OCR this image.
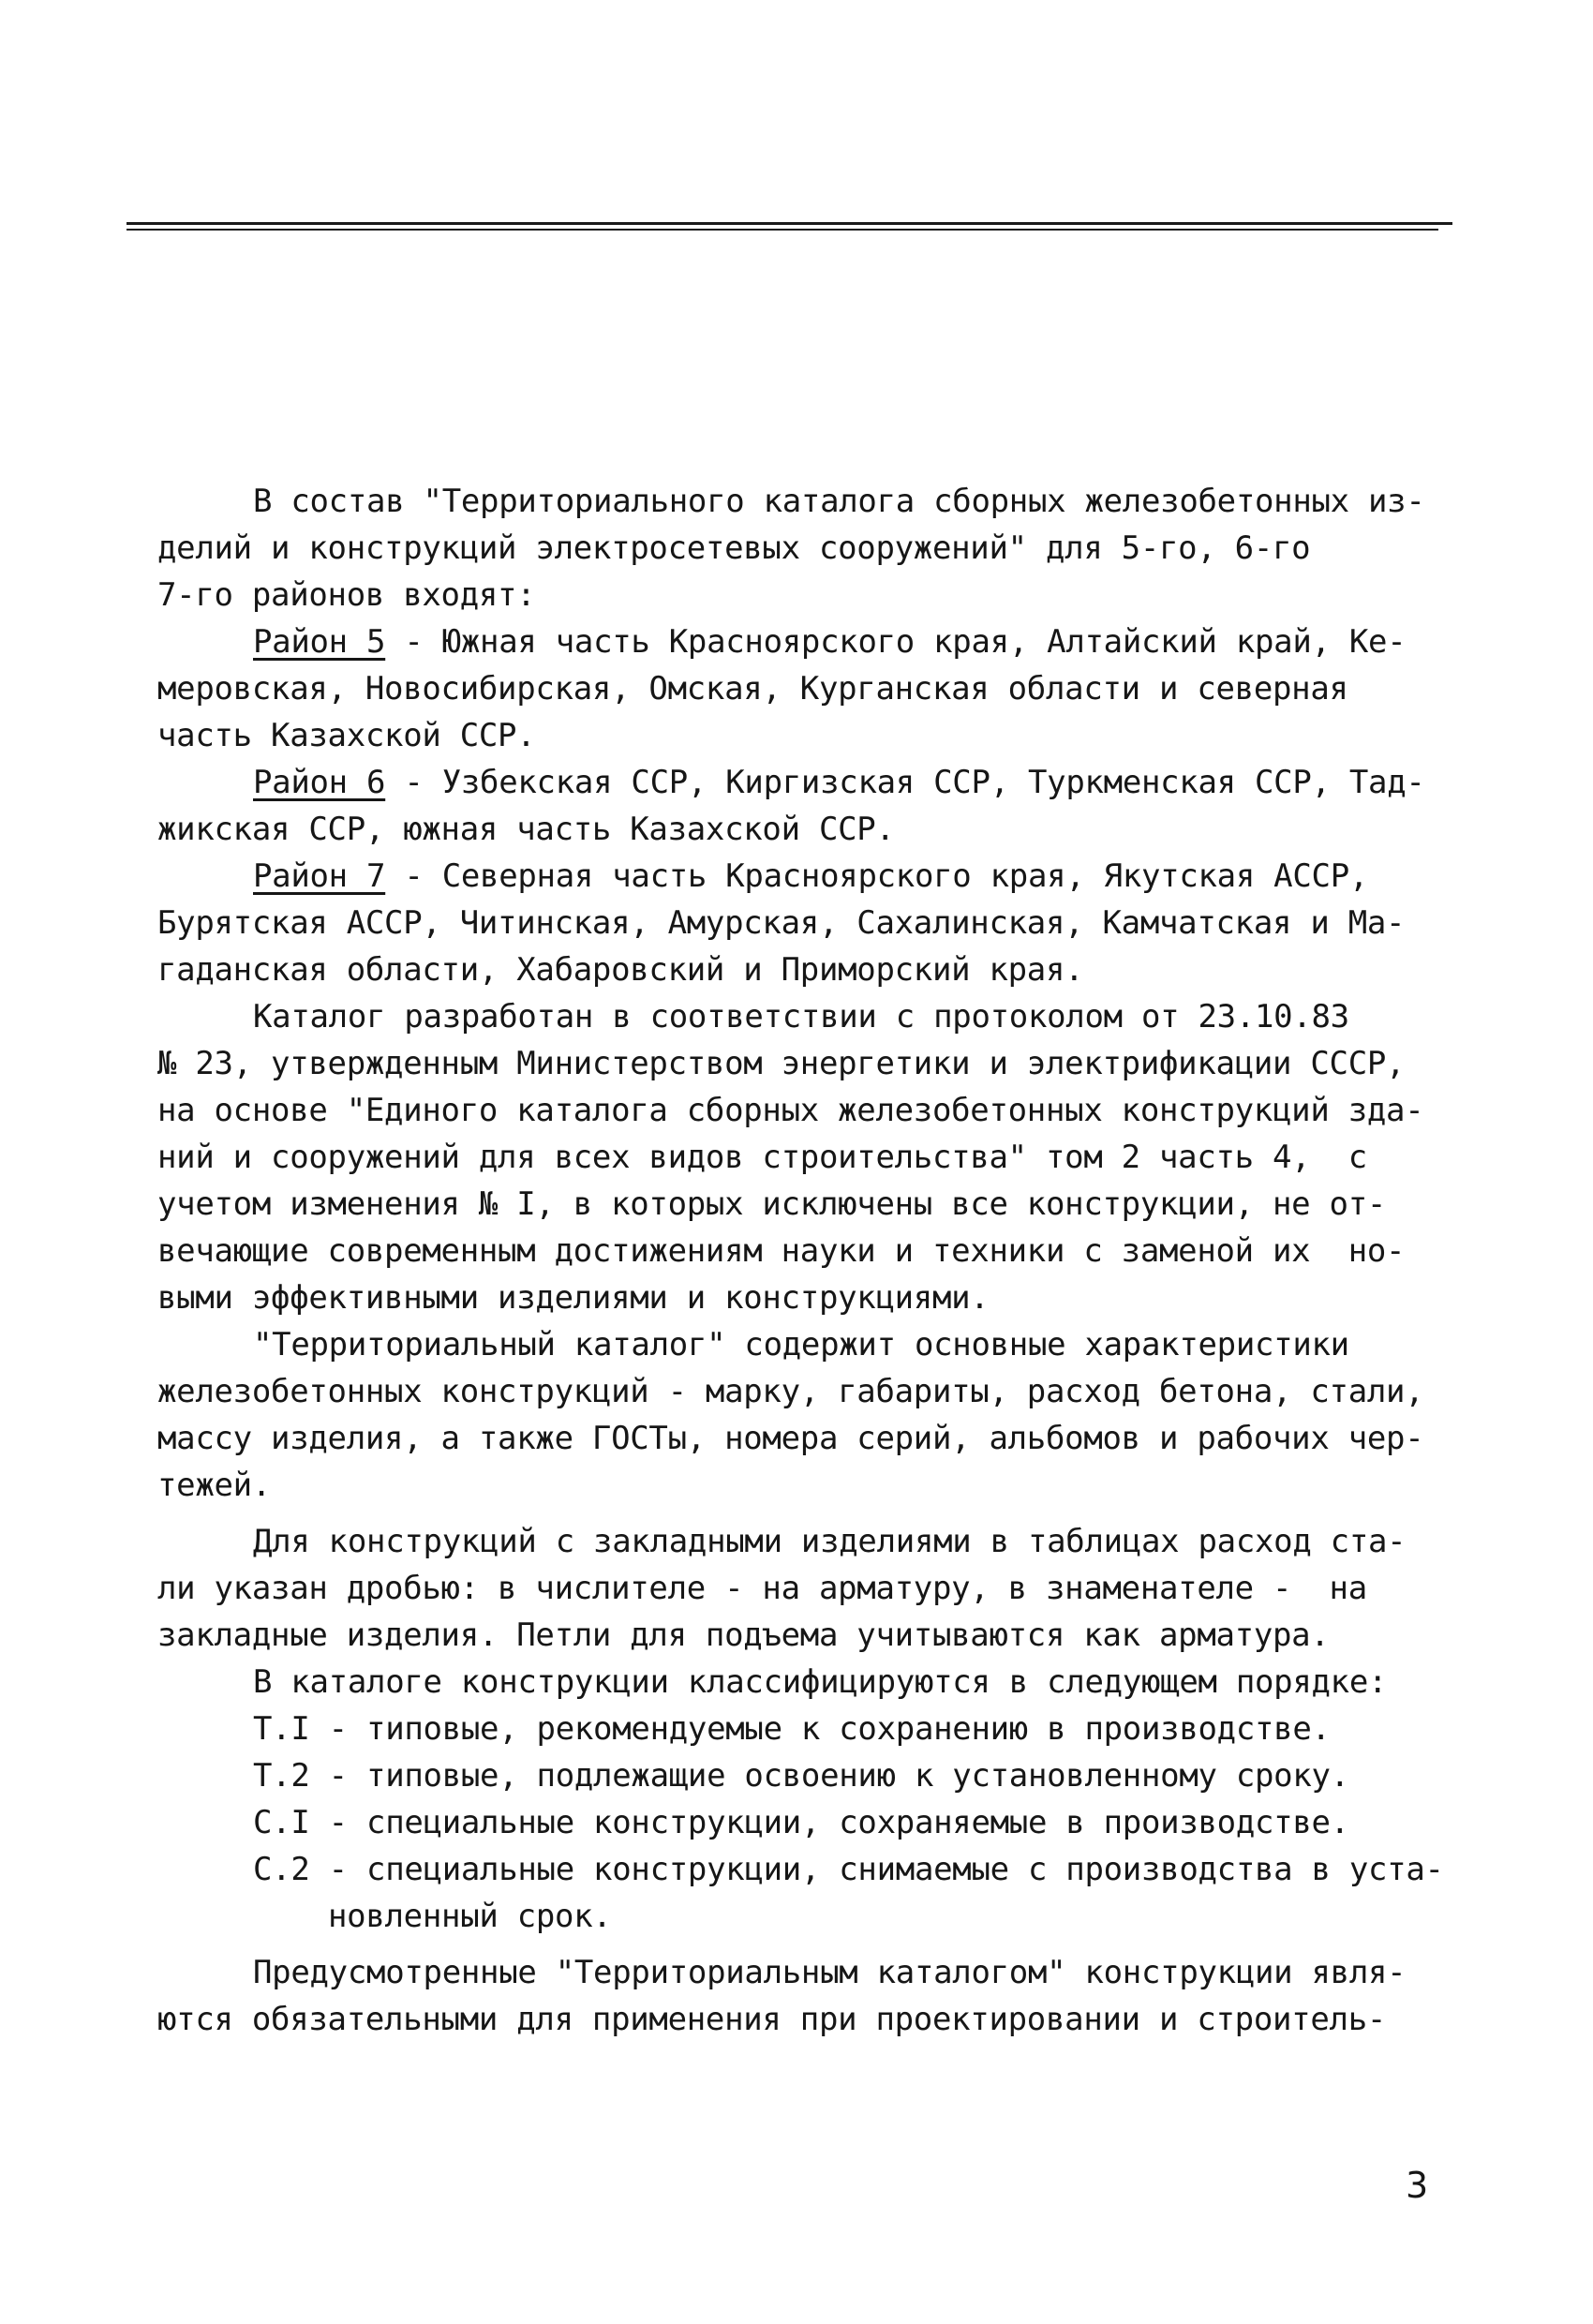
В состав "Территориального каталога сборных железобетонных из-
делий и конструкций электросетевых сооружений" для 5-го, 6-го
7-го районов входят:
Район 5 - Южная часть Красноярского края, Алтайский край, Ке-
меровская, Новосибирская, Омская, Курганская области и северная
часть Казахской ССР.
Район 6 - Узбекская ССР, Киргизская ССР, Туркменская ССР, Тад-
жикская ССР, южная часть Казахской ССР.
Район 7 - Северная часть Красноярского края, Якутская АССР,
Бурятская АССР, Читинская, Амурская, Сахалинская, Камчатская и Ма-
гаданская области, Хабаровский и Приморский края.
Каталог разработан в соответствии с протоколом от 23.10.83
№ 23, утвержденным Министерством энергетики и электрификации СССР,
на основе "Единого каталога сборных железобетонных конструкций зда-
ний и сооружений для всех видов строительства" том 2 часть 4,  с
учетом изменения № I, в которых исключены все конструкции, не от-
вечающие современным достижениям науки и техники с заменой их  но-
выми эффективными изделиями и конструкциями.
"Территориальный каталог" содержит основные характеристики
железобетонных конструкций - марку, габариты, расход бетона, стали,
массу изделия, а также ГОСТы, номера серий, альбомов и рабочих чер-
тежей.
Для конструкций с закладными изделиями в таблицах расход ста-
ли указан дробью: в числителе - на арматуру, в знаменателе -  на
закладные изделия. Петли для подъема учитываются как арматура.
В каталоге конструкции классифицируются в следующем порядке:
Т.I - типовые, рекомендуемые к сохранению в производстве.
Т.2 - типовые, подлежащие освоению к установленному сроку.
С.I - специальные конструкции, сохраняемые в производстве.
С.2 - специальные конструкции, снимаемые с производства в уста-
новленный срок.
Предусмотренные "Территориальным каталогом" конструкции явля-
ются обязательными для применения при проектировании и строитель-
3
